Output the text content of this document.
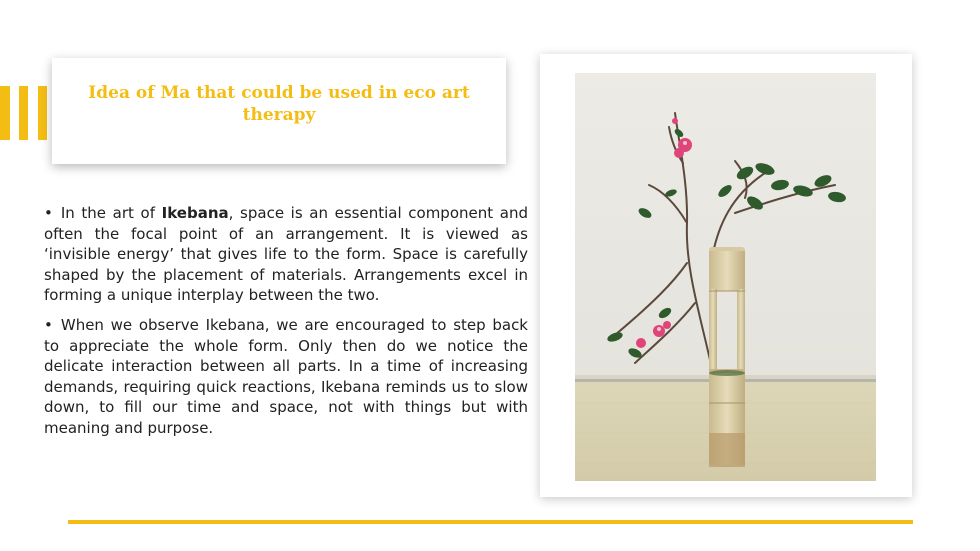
Idea of Ma that could be used in eco art therapy

• In the art of Ikebana, space is an essential component and often the focal point of an arrangement. It is viewed as ‘invisible energy’ that gives life to the form. Space is carefully shaped by the placement of materials. Arrangements excel in forming a unique interplay between the two.

• When we observe Ikebana, we are encouraged to step back to appreciate the whole form. Only then do we notice the delicate interaction between all parts. In a time of increasing demands, requiring quick reactions, Ikebana reminds us to slow down, to fill our time and space, not with things but with meaning and purpose.
